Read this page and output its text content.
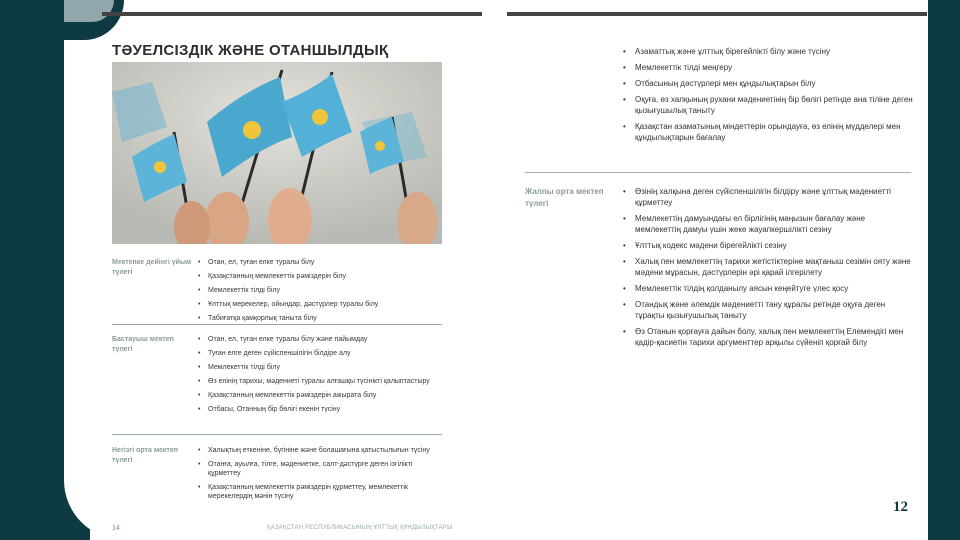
ТӘУЕЛСІЗДІК ЖӘНЕ ОТАНШЫЛДЫҚ
Мектепке дейінгі үйым түлегі
• Отан, ел, туған елке туралы білу
• Қазақстанның мемлекеттік рәміздерін білу
• Мемлекеттік тілді білу
• Ұлттық мерекелер, ойындар, дәстүрлер туралы білу
• Табиғатқа қамқорлық таныта білу
Бастауыш мектеп түлегі
• Отан, ел, туған елке туралы білу және пайымдау
• Туған елге деген сүйіспеншілігін білдіре алу
• Мемлекеттік тілді білу
• Өз елінің тарихы, мәдениеті туралы алғашқы түсінікті қалыптастыру
• Қазақстанның мемлекеттік рәміздерін ажырата білу
• Отбасы, Отанның бір бөлігі екенін түсіну
Негізгі орта мектеп түлегі
• Халықтың еткеніне, бүгініне және болашағына қатыстылығын түсіну
• Отанға, ауылға, тілге, мәдениетке, салт-дәстүрге деген ізгілікті құрметтеу
• Қазақстанның мемлекеттік рәміздерін құрметтеу, мемлекеттік мерекелердің мәнін түсіну
14	ҚАЗАҚСТАН РЕСПУБЛИКАСЫНЫҢ ҰЛТТЫҚ ҚҰНДЫЛЫҚТАРЫ
• Азаматтық және ұлттық бірегейлікті білу және түсіну
• Мемлекеттік тілді меңгеру
• Отбасының дәстүрлері мен құндылықтарын білу
• Оқуға, өз халқының рухани мәдениетінің бір бөлігі ретінде ана тіліне деген қызығушылық таныту
• Қазақстан азаматының міндеттерін орындауға, өз елінің мүдделері мен құндылықтарын бағалау
Жалпы орта мектеп түлегі
• Өзінің халқына деген сүйіспеншілігін білдіру және ұлттық мәдениетті құрметтеу
• Мемлекеттің дамуындағы ел бірлігінің маңызын бағалау және мемлекеттің дамуы үшін жеке жауапкершілікті сезіну
• Ұлттық кодекс мәдени бірегейлікті сезіну
• Халық пен мемлекеттің тарихи жетістіктеріне мақтаныш сезімін ояту және мәдени мұрасын, дәстүрлерін әрі қарай ілгерілету
• Мемлекеттік тілдің қолданылу аясын кеңейтуге үлес қосу
• Отандық және әлемдік мәдениетті тану құралы ретінде оқуға деген тұрақты қызығушылық таныту
• Өз Отанын қорғауға дайын болу, халық пен мемлекеттің Елемендігі мен қадір-қасиетін тарихи аргументтер арқылы сүйеніп қорғай білу
12
